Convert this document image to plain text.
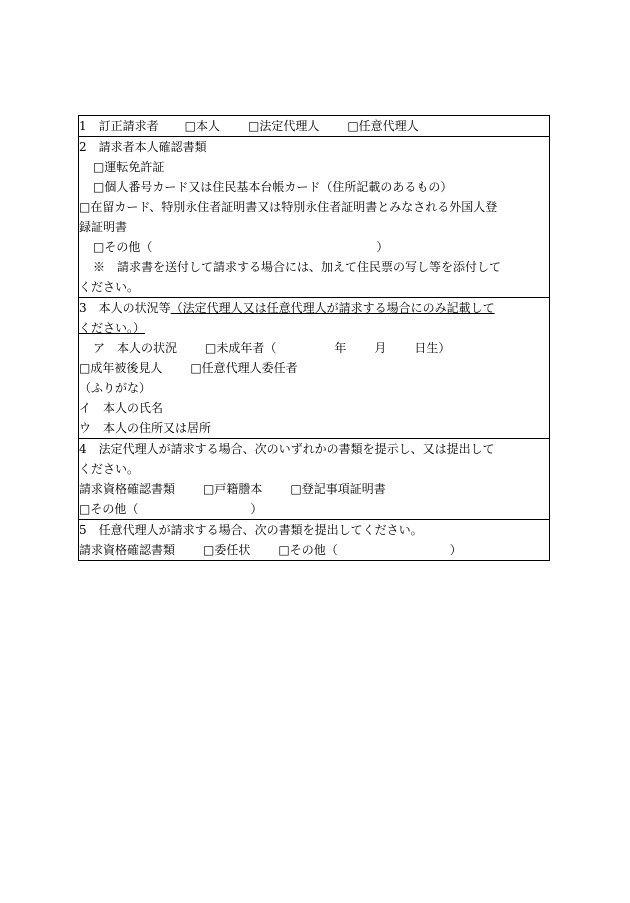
1　訂正請求者 □本人 □法定代理人 □任意代理人
2　請求者本人確認書類
□運転免許証
□個人番号カード又は住民基本台帳カード（住所記載のあるもの）
□在留カード、特別永住者証明書又は特別永住者証明書とみなされる外国人登
録証明書
□その他（	）
※　請求書を送付して請求する場合には、加えて住民票の写し等を添付して
ください。
3　本人の状況等（法定代理人又は任意代理人が請求する場合にのみ記載して
ください。）
ア　本人の状況 □未成年者（	年 月 日生）
□成年被後見人 □任意代理人委任者
（ふりがな）
イ　本人の氏名
ウ　本人の住所又は居所
4　法定代理人が請求する場合、次のいずれかの書類を提示し、又は提出して
ください。
請求資格確認書類 □戸籍謄本 □登記事項証明書
□その他（	）
5　任意代理人が請求する場合、次の書類を提出してください。
請求資格確認書類 □委任状 □その他（	）
